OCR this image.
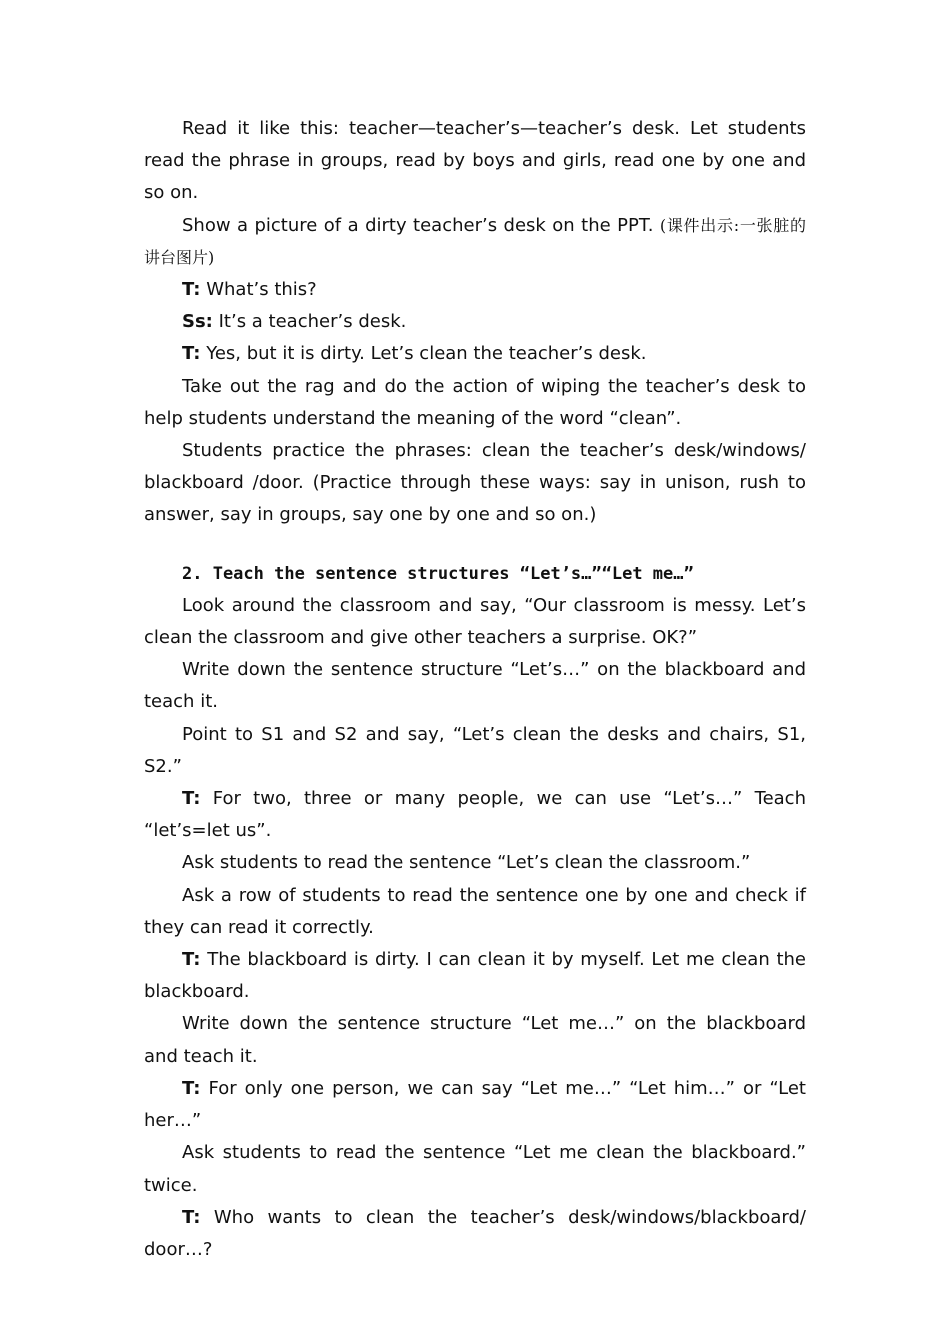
Read it like this: teacher—teacher’s—teacher’s desk. Let students read the phrase in groups, read by boys and girls, read one by one and so on.

Show a picture of a dirty teacher’s desk on the PPT. (课件出示:一张脏的讲台图片)

T: What’s this?

Ss: It’s a teacher’s desk.

T: Yes, but it is dirty. Let’s clean the teacher’s desk.

Take out the rag and do the action of wiping the teacher’s desk to help students understand the meaning of the word “clean”.

Students practice the phrases: clean the teacher’s desk/windows/ blackboard /door. (Practice through these ways: say in unison, rush to answer, say in groups, say one by one and so on.)

2. Teach the sentence structures “Let’s…”“Let me…”

Look around the classroom and say, “Our classroom is messy. Let’s clean the classroom and give other teachers a surprise. OK?”

Write down the sentence structure “Let’s…” on the blackboard and teach it.

Point to S1 and S2 and say, “Let’s clean the desks and chairs, S1, S2.”

T: For two, three or many people, we can use “Let’s…” Teach “let’s=let us”.

Ask students to read the sentence “Let’s clean the classroom.”

Ask a row of students to read the sentence one by one and check if they can read it correctly.

T: The blackboard is dirty. I can clean it by myself. Let me clean the blackboard.

Write down the sentence structure “Let me…” on the blackboard and teach it.

T: For only one person, we can say “Let me…” “Let him…” or “Let her…”

Ask students to read the sentence “Let me clean the blackboard.” twice.

T: Who wants to clean the teacher’s desk/windows/blackboard/ door…?
